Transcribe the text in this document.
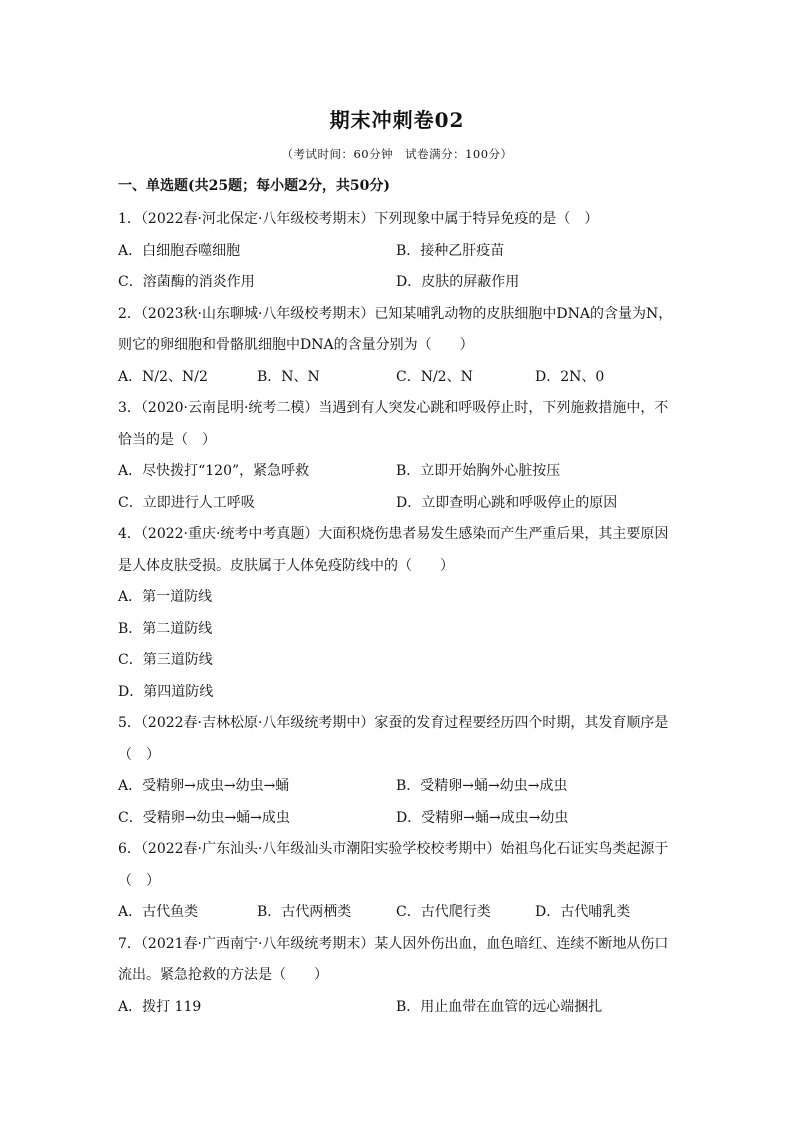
期末冲刺卷02
（考试时间：60分钟　试卷满分：100分）
一、单选题(共25题；每小题2分，共50分)

1．（2022春·河北保定·八年级校考期末）下列现象中属于特异免疫的是（　）

A．白细胞吞噬细胞	B．接种乙肝疫苗
C．溶菌酶的消炎作用	D．皮肤的屏蔽作用

2．（2023秋·山东聊城·八年级校考期末）已知某哺乳动物的皮肤细胞中DNA的含量为N，则它的卵细胞和骨骼肌细胞中DNA的含量分别为（　　）

A．N/2、N/2	B．N、N	C．N/2、N	D．2N、0

3．（2020·云南昆明·统考二模）当遇到有人突发心跳和呼吸停止时，下列施救措施中，不恰当的是（　）

A．尽快拨打“120”，紧急呼救	B．立即开始胸外心脏按压
C．立即进行人工呼吸	D．立即查明心跳和呼吸停止的原因

4．（2022·重庆·统考中考真题）大面积烧伤患者易发生感染而产生严重后果，其主要原因是人体皮肤受损。皮肤属于人体免疫防线中的（　　）

A．第一道防线
B．第二道防线
C．第三道防线
D．第四道防线

5．（2022春·吉林松原·八年级统考期中）家蚕的发育过程要经历四个时期，其发育顺序是（　）

A．受精卵→成虫→幼虫→蛹	B．受精卵→蛹→幼虫→成虫
C．受精卵→幼虫→蛹→成虫	D．受精卵→蛹→成虫→幼虫

6．（2022春·广东汕头·八年级汕头市潮阳实验学校校考期中）始祖鸟化石证实鸟类起源于（　）

A．古代鱼类	B．古代两栖类	C．古代爬行类	D．古代哺乳类

7．（2021春·广西南宁·八年级统考期末）某人因外伤出血，血色暗红、连续不断地从伤口流出。紧急抢救的方法是（　　）

A．拨打 119	B．用止血带在血管的远心端捆扎
